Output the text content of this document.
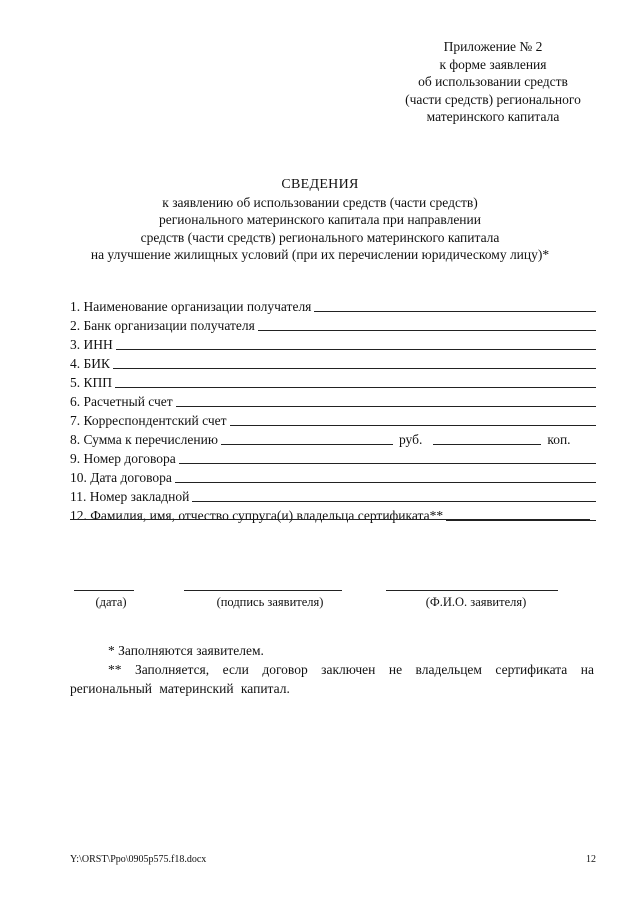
Приложение № 2
к форме заявления
об использовании средств
(части средств) регионального
материнского капитала
СВЕДЕНИЯ
к заявлению об использовании средств (части средств)
регионального материнского капитала при направлении
средств (части средств) регионального материнского капитала
на улучшение жилищных условий (при их перечислении юридическому лицу)*
1. Наименование организации получателя
2. Банк организации получателя
3. ИНН
4. БИК
5. КПП
6. Расчетный счет
7. Корреспондентский счет
8. Сумма к перечислению	руб.	коп.
9. Номер договора
10. Дата договора
11. Номер закладной
12. Фамилия, имя, отчество супруга(и) владельца сертификата**
(дата)	(подпись заявителя)	(Ф.И.О. заявителя)
* Заполняются заявителем.
** Заполняется, если договор заключен не владельцем сертификата на региональный материнский капитал.
Y:\ORST\Ppo\0905p575.f18.docx	12
